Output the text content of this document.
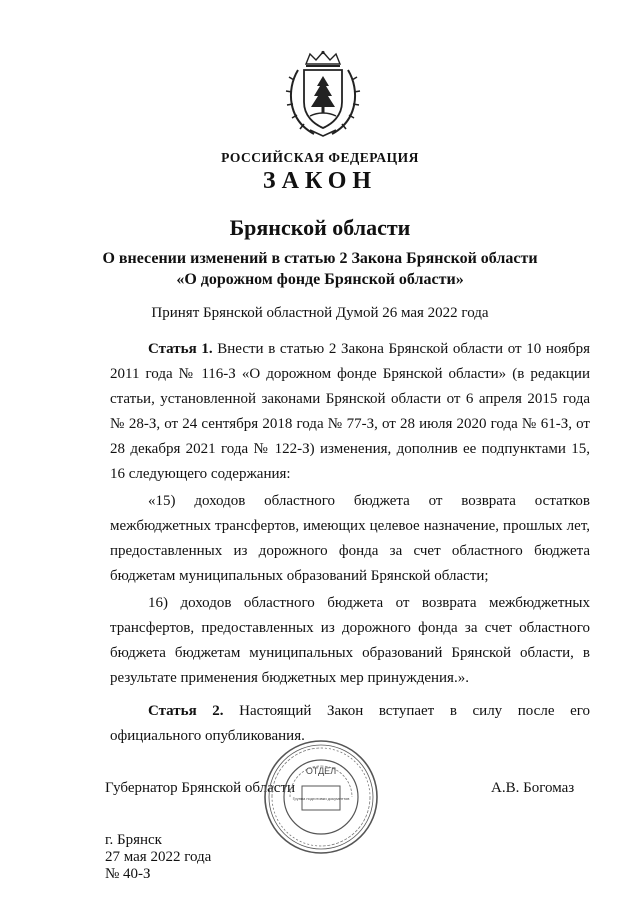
РОССИЙСКАЯ ФЕДЕРАЦИЯ
ЗАКОН
Брянской области
О внесении изменений в статью 2 Закона Брянской области
«О дорожном фонде Брянской области»
Принят Брянской областной Думой 26 мая 2022 года

Статья 1. Внести в статью 2 Закона Брянской области от 10 ноября 2011 года № 116-З «О дорожном фонде Брянской области» (в редакции статьи, установленной законами Брянской области от 6 апреля 2015 года № 28-З, от 24 сентября 2018 года № 77-З, от 28 июля 2020 года № 61-З, от 28 декабря 2021 года № 122-З) изменения, дополнив ее подпунктами 15, 16 следующего содержания:

«15) доходов областного бюджета от возврата остатков межбюджетных трансфертов, имеющих целевое назначение, прошлых лет, предоставленных из дорожного фонда за счет областного бюджета бюджетам муниципальных образований Брянской области;

16) доходов областного бюджета от возврата межбюджетных трансфертов, предоставленных из дорожного фонда за счет областного бюджета бюджетам муниципальных образований Брянской области, в результате применения бюджетных мер принуждения.».

Статья 2. Настоящий Закон вступает в силу после его официального опубликования.

Губернатор Брянской области	А.В. Богомаз
ОТДЕЛ
Группа подготовки документов
г. Брянск
27 мая 2022 года
№ 40-З
